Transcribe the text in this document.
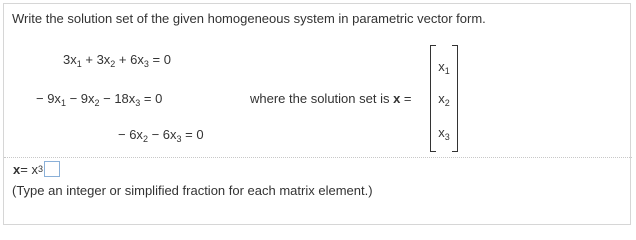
Write the solution set of the given homogeneous system in parametric vector form.
$3x_1 + 3x_2 + 6x_3 = 0$
− $9x_1 - 9x_2 - 18x_3 = 0$
− $6x_2 - 6x_3 = 0$
where the solution set is x =
$x_1$
$x_2$
$x_3$
x = x 3
(Type an integer or simplified fraction for each matrix element.)
